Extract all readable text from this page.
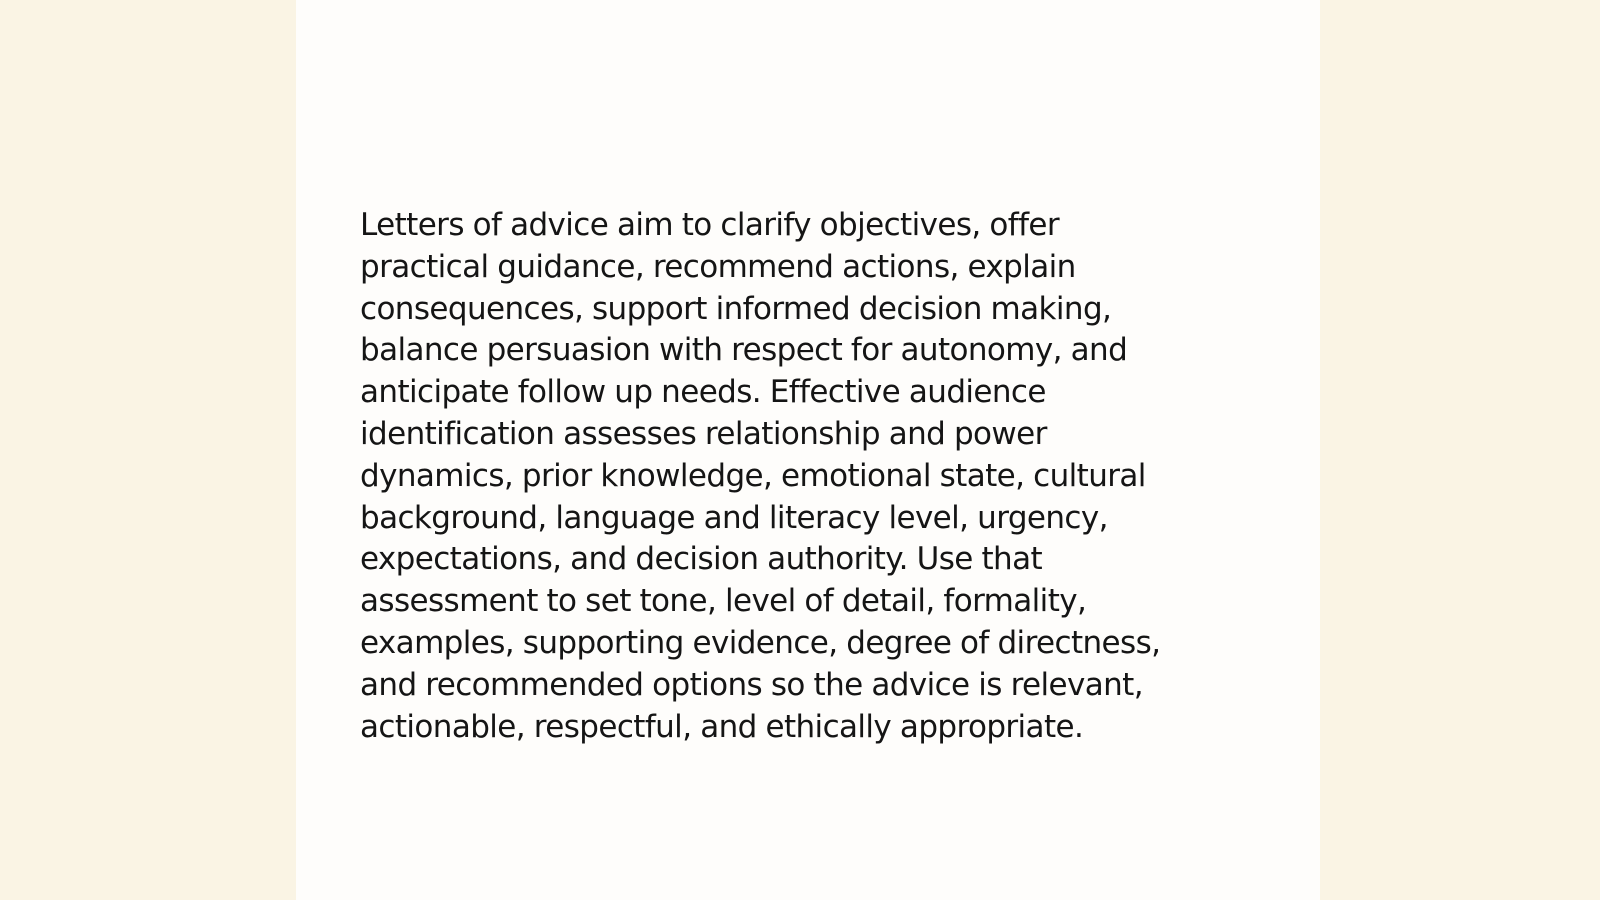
Letters of advice aim to clarify objectives, offer
practical guidance, recommend actions, explain
consequences, support informed decision making,
balance persuasion with respect for autonomy, and
anticipate follow up needs. Effective audience
identification assesses relationship and power
dynamics, prior knowledge, emotional state, cultural
background, language and literacy level, urgency,
expectations, and decision authority. Use that
assessment to set tone, level of detail, formality,
examples, supporting evidence, degree of directness,
and recommended options so the advice is relevant,
actionable, respectful, and ethically appropriate.
